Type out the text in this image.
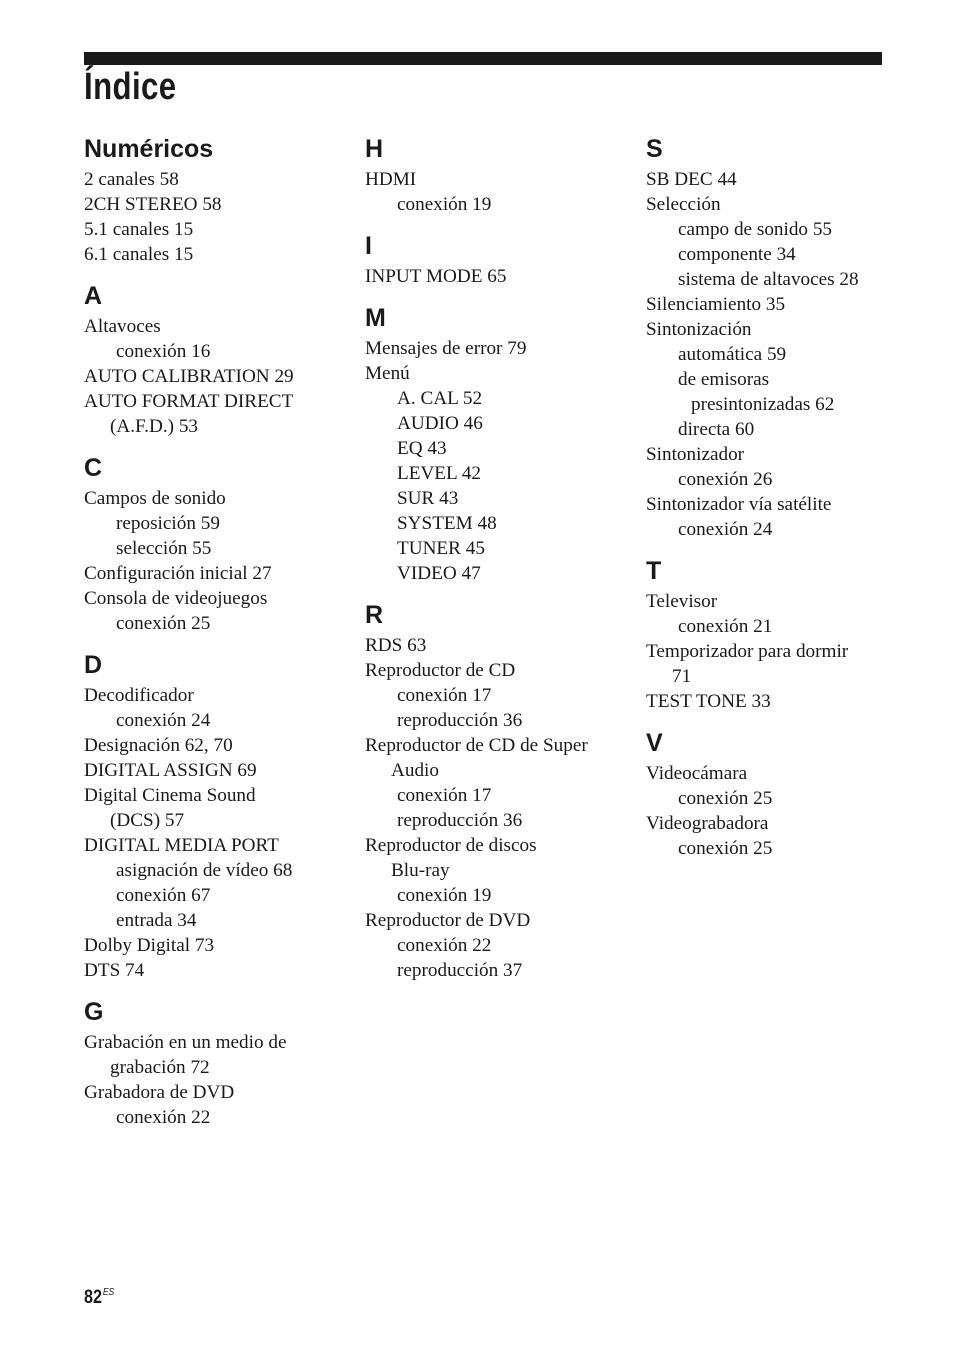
Índice
Numéricos
2 canales 58
2CH STEREO 58
5.1 canales 15
6.1 canales 15
A
Altavoces
conexión 16
AUTO CALIBRATION 29
AUTO FORMAT DIRECT
(A.F.D.) 53
C
Campos de sonido
reposición 59
selección 55
Configuración inicial 27
Consola de videojuegos
conexión 25
D
Decodificador
conexión 24
Designación 62, 70
DIGITAL ASSIGN 69
Digital Cinema Sound
(DCS) 57
DIGITAL MEDIA PORT
asignación de vídeo 68
conexión 67
entrada 34
Dolby Digital 73
DTS 74
G
Grabación en un medio de
grabación 72
Grabadora de DVD
conexión 22
H
HDMI
conexión 19
I
INPUT MODE 65
M
Mensajes de error 79
Menú
A. CAL 52
AUDIO 46
EQ 43
LEVEL 42
SUR 43
SYSTEM 48
TUNER 45
VIDEO 47
R
RDS 63
Reproductor de CD
conexión 17
reproducción 36
Reproductor de CD de Super
Audio
conexión 17
reproducción 36
Reproductor de discos
Blu-ray
conexión 19
Reproductor de DVD
conexión 22
reproducción 37
S
SB DEC 44
Selección
campo de sonido 55
componente 34
sistema de altavoces 28
Silenciamiento 35
Sintonización
automática 59
de emisoras
presintonizadas 62
directa 60
Sintonizador
conexión 26
Sintonizador vía satélite
conexión 24
T
Televisor
conexión 21
Temporizador para dormir
71
TEST TONE 33
V
Videocámara
conexión 25
Videograbadora
conexión 25
$82^{ES}$
